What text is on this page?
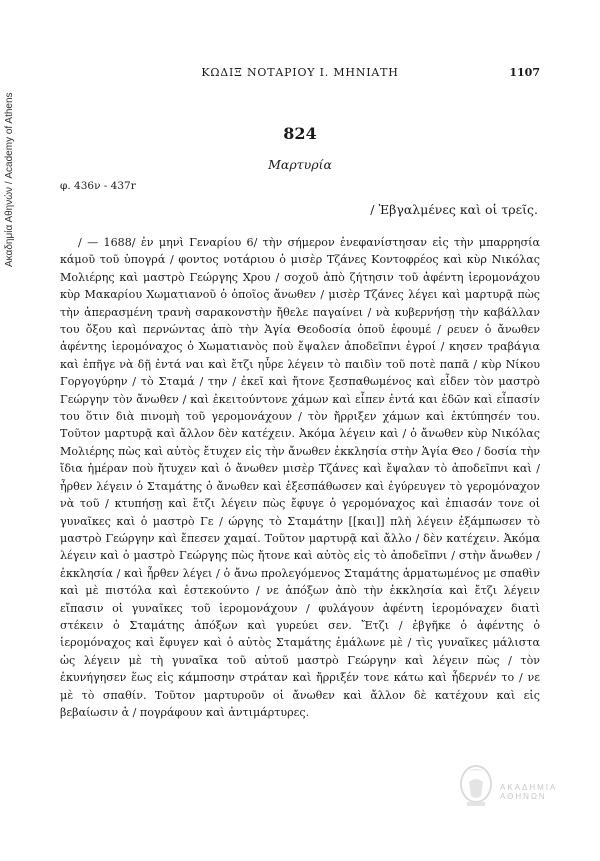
Ακαδημία Αθηνών / Academy of Athens
ΚΩΔΙΞ ΝΟΤΑΡΙΟΥ Ι. ΜΗΝΙΑΤΗ	1107
824
Μαρτυρία
φ. 436ν - 437r
/ Ἐβγαλμένες καὶ οἱ τρεῖς.

/ — 1688/ ἐν μηνὶ Γεναρίου 6/ τὴν σήμερον ἐνεφανίστησαν εἰς τὴν μπαρρησία κάμοῦ τοῦ ὑπογρά / φοντος νοτάριου ὁ μισὲρ Τζάνες Κοντοφρέος καὶ κὺρ Νικόλας Μολιέρης καὶ μαστρὸ Γεώργης Χρου / σοχοῦ ἀπὸ ζήτησιν τοῦ ἀφέντη ἱερομονάχου κὺρ Μακαρίου Χωματιανοῦ ὁ ὁποῖος ἄνωθεν / μισὲρ Τζάνες λέγει καὶ μαρτυρᾷ πὼς τὴν ἀπερασμένη τρανὴ σαρακονστὴν ἤθελε παγαίνει / νὰ κυβερνήσῃ τὴν καβάλλαν του ὄξου καὶ περνώντας ἀπὸ τὴν Ἁγία Θεοδοσία ὁποῦ ἐφουμέ / ρευεν ὁ ἄνωθεν ἀφέντης ἱερομόναχος ὁ Χωματιανὸς ποὺ ἔψαλεν ἀποδεῖπνι ἐγροί / κησεν τραβάγια καὶ ἐπῆγε νὰ δῇ ἐντά ναι καὶ ἔτζι ηὗρε λέγειν τὸ παιδὶν τοῦ ποτὲ παπᾶ / κὺρ Νίκου Γοργογύρην / τὸ Σταμά / την / ἐκεῖ καὶ ἤτονε ξεσπαθωμένος καὶ εἶδεν τὸν μαστρὸ Γεώργην τὸν ἄνωθεν / καὶ ἐκειτούντονε χάμων καὶ εἶπεν ἐντά και ἐδῶν καὶ εἶπασίν του ὅτιν διὰ πινομὴ τοῦ γερομονάχουν / τὸν ἤρριξεν χάμων καὶ ἐκτύπησέν του. Τοῦτον μαρτυρᾷ καὶ ἄλλον δὲν κατέχειν. Ἀκόμα λέγειν καὶ / ὁ ἄνωθεν κὺρ Νικόλας Μολιέρης πὼς καὶ αὐτὸς ἔτυχεν εἰς τὴν ἄνωθεν ἐκκλησία στὴν Ἁγία Θεο / δοσία τὴν ἴδια ἡμέραν ποὺ ἤτυχεν καὶ ὁ ἄνωθεν μισὲρ Τζάνες καὶ ἔψαλαν τὸ ἀποδεῖπνι καὶ / ἦρθεν λέγειν ὁ Σταμάτης ὁ ἄνωθεν καὶ ἐξεσπάθωσεν καὶ ἐγύρευγεν τὸ γερομόναχον νὰ τοῦ / κτυπήσῃ καὶ ἔτζι λέγειν πὼς ἔφυγε ὁ γερομόναχος καὶ ἐπιασάν τονε οἱ γυναῖκες καὶ ὁ μαστρὸ Γε / ώργης τὸ Σταμάτην [[και]] πλὴ λέγειν ἐξάμπωσεν τὸ μαστρὸ Γεώργην καὶ ἔπεσεν χαμαί. Τοῦτον μαρτυρᾷ καὶ ἄλλο / δὲν κατέχειν. Ἀκόμα λέγειν καὶ ὁ μαστρὸ Γεώργης πὼς ἤτονε καὶ αὐτὸς εἰς τὸ ἀποδεῖπνι / στὴν ἄνωθεν / ἐκκλησία / καὶ ἦρθεν λέγει / ὁ ἄνω προλεγόμενος Σταμάτης ἁρματωμένος με σπαθὶν καὶ μὲ πιστόλα καὶ ἐστεκούντο / νε ἀπόξων ἀπὸ τὴν ἐκκλησία καὶ ἔτζι λέγειν εἴπασιν οἱ γυναῖκες τοῦ ἱερομονάχουν / φυλάγουν ἀφέντη ἱερομόναχεν διατὶ στέκειν ὁ Σταμάτης ἀπόξων καὶ γυρεύει σεν. Ἔτζι / ἐβγῆκε ὁ ἀφέντης ὁ ἱερομόναχος καὶ ἔφυγεν καὶ ὁ αὐτὸς Σταμάτης ἐμάλωνε μὲ / τὶς γυναῖκες μάλιστα ὡς λέγειν μὲ τὴ γυναῖκα τοῦ αὐτοῦ μαστρὸ Γεώργην καὶ λέγειν πὼς / τὸν ἐκυνήγησεν ἕως εἰς κάμποσην στράταν καὶ ἤρριξέν τονε κάτω καὶ ἦδερνέν το / νε μὲ τὸ σπαθίν. Τοῦτον μαρτυροῦν οἱ ἄνωθεν καὶ ἄλλον δὲ κατέχουν καὶ εἰς βεβαίωσιν ἁ / πογράφουν καὶ ἀντιμάρτυρες.

ΑΚΑΔΗΜΙΑ  ΑΘΗΝΩΝ
